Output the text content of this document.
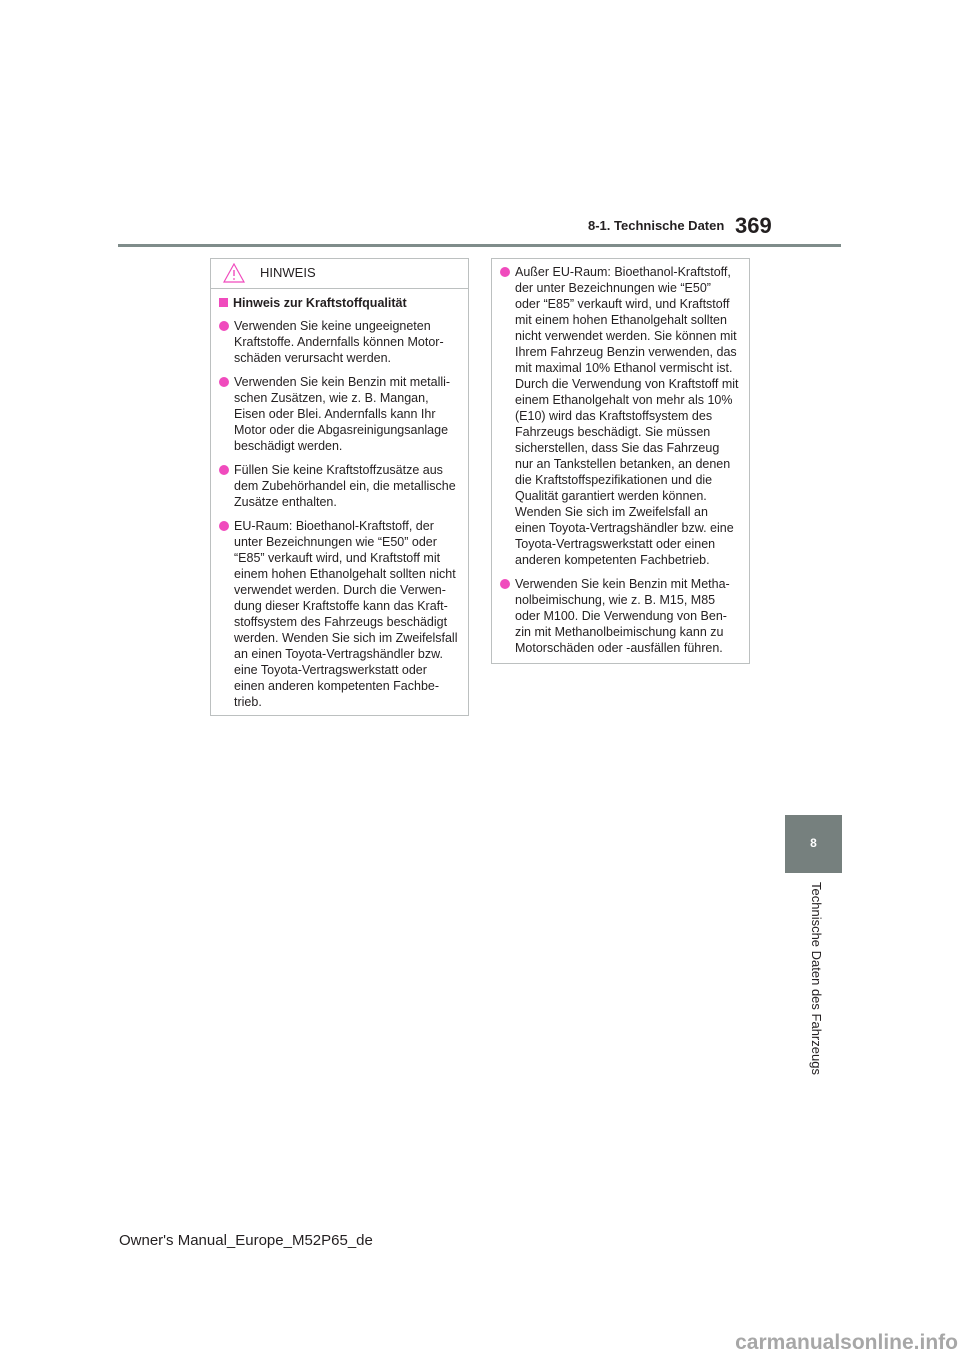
8-1. Technische Daten 369
HINWEIS
Hinweis zur Kraftstoffqualität
Verwenden Sie keine ungeeigneten Kraftstoffe. Andernfalls können Motor-schäden verursacht werden.
Verwenden Sie kein Benzin mit metalli-schen Zusätzen, wie z. B. Mangan, Eisen oder Blei. Andernfalls kann Ihr Motor oder die Abgasreinigungsanlage beschädigt werden.
Füllen Sie keine Kraftstoffzusätze aus dem Zubehörhandel ein, die metallische Zusätze enthalten.
EU-Raum: Bioethanol-Kraftstoff, der unter Bezeichnungen wie “E50” oder “E85” verkauft wird, und Kraftstoff mit einem hohen Ethanolgehalt sollten nicht verwendet werden. Durch die Verwen-dung dieser Kraftstoffe kann das Kraft-stoffsystem des Fahrzeugs beschädigt werden. Wenden Sie sich im Zweifelsfall an einen Toyota-Vertragshändler bzw. eine Toyota-Vertragswerkstatt oder einen anderen kompetenten Fachbe-trieb.
Außer EU-Raum: Bioethanol-Kraftstoff, der unter Bezeichnungen wie “E50” oder “E85” verkauft wird, und Kraftstoff mit einem hohen Ethanolgehalt sollten nicht verwendet werden. Sie können mit Ihrem Fahrzeug Benzin verwenden, das mit maximal 10% Ethanol vermischt ist. Durch die Verwendung von Kraftstoff mit einem Ethanolgehalt von mehr als 10% (E10) wird das Kraftstoffsystem des Fahrzeugs beschädigt. Sie müssen sicherstellen, dass Sie das Fahrzeug nur an Tankstellen betanken, an denen die Kraftstoffspezifikationen und die Qualität garantiert werden können. Wenden Sie sich im Zweifelsfall an einen Toyota-Vertragshändler bzw. eine Toyota-Vertragswerkstatt oder einen anderen kompetenten Fachbetrieb.
Verwenden Sie kein Benzin mit Metha-nolbeimischung, wie z. B. M15, M85 oder M100. Die Verwendung von Ben-zin mit Methanolbeimischung kann zu Motorschäden oder -ausfällen führen.
8
Technische Daten des Fahrzeugs
Owner's Manual_Europe_M52P65_de
carmanualsonline.info
